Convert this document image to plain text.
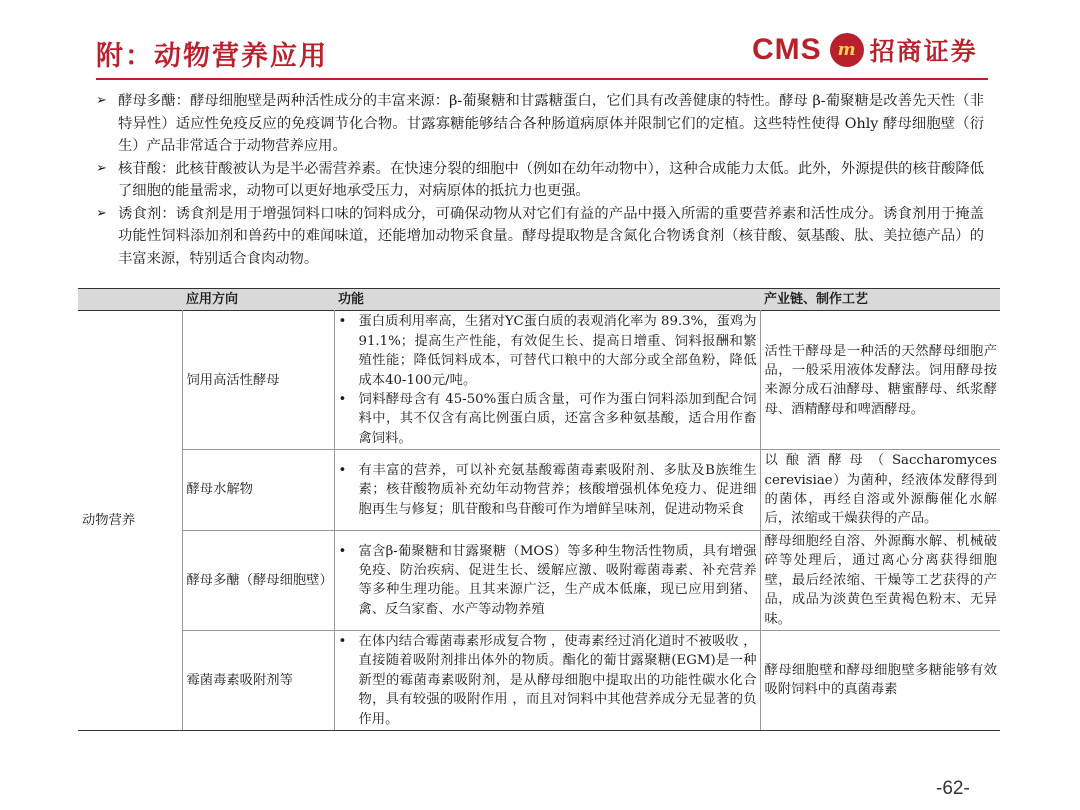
附：动物营养应用	CMS m 招商证券
➢ 酵母多醣：酵母细胞壁是两种活性成分的丰富来源：β-葡聚糖和甘露糖蛋白，它们具有改善健康的特性。酵母 β-葡聚糖是改善先天性（非特异性）适应性免疫反应的免疫调节化合物。甘露寡糖能够结合各种肠道病原体并限制它们的定植。这些特性使得 Ohly 酵母细胞壁（衍生）产品非常适合于动物营养应用。
➢ 核苷酸：此核苷酸被认为是半必需营养素。在快速分裂的细胞中（例如在幼年动物中），这种合成能力太低。此外，外源提供的核苷酸降低了细胞的能量需求，动物可以更好地承受压力，对病原体的抵抗力也更强。
➢ 诱食剂：诱食剂是用于增强饲料口味的饲料成分，可确保动物从对它们有益的产品中摄入所需的重要营养素和活性成分。诱食剂用于掩盖功能性饲料添加剂和兽药中的难闻味道，还能增加动物采食量。酵母提取物是含氮化合物诱食剂（核苷酸、氨基酸、肽、美拉德产品）的丰富来源，特别适合食肉动物。
	应用方向	功能	产业链、制作工艺
动物营养	饲用高活性酵母	• 蛋白质利用率高，生猪对YC蛋白质的表观消化率为 89.3%，蛋鸡为91.1%；提高生产性能，有效促生长、提高日增重、饲料报酬和繁殖性能；降低饲料成本，可替代口粮中的大部分或全部鱼粉，降低成本40-100元/吨。
• 饲料酵母含有 45-50%蛋白质含量，可作为蛋白饲料添加到配合饲料中，其不仅含有高比例蛋白质，还富含多种氨基酸，适合用作畜禽饲料。	活性干酵母是一种活的天然酵母细胞产品，一般采用液体发酵法。饲用酵母按来源分成石油酵母、糖蜜酵母、纸浆酵母、酒精酵母和啤酒酵母。
	酵母水解物	• 有丰富的营养，可以补充氨基酸霉菌毒素吸附剂、多肽及B族维生素；核苷酸物质补充幼年动物营养；核酸增强机体免疫力、促进细胞再生与修复；肌苷酸和鸟苷酸可作为增鲜呈味剂，促进动物采食	以酿酒酵母（Saccharomyces cerevisiae）为菌种，经液体发酵得到的菌体，再经自溶或外源酶催化水解后，浓缩或干燥获得的产品。
	酵母多醣（酵母细胞壁）	• 富含β-葡聚糖和甘露聚糖（MOS）等多种生物活性物质，具有增强免疫、防治疾病、促进生长、缓解应激、吸附霉菌毒素、补充营养等多种生理功能。且其来源广泛，生产成本低廉，现已应用到猪、禽、反刍家畜、水产等动物养殖	酵母细胞经自溶、外源酶水解、机械破碎等处理后，通过离心分离获得细胞壁，最后经浓缩、干燥等工艺获得的产品，成品为淡黄色至黄褐色粉末、无异味。
	霉菌毒素吸附剂等	• 在体内结合霉菌毒素形成复合物 ，使毒素经过消化道时不被吸收 ，直接随着吸附剂排出体外的物质。酯化的葡甘露聚糖(EGM)是一种新型的霉菌毒素吸附剂，是从酵母细胞中提取出的功能性碳水化合物，具有较强的吸附作用 ，而且对饲料中其他营养成分无显著的负作用。	酵母细胞壁和酵母细胞壁多糖能够有效吸附饲料中的真菌毒素
-62-
